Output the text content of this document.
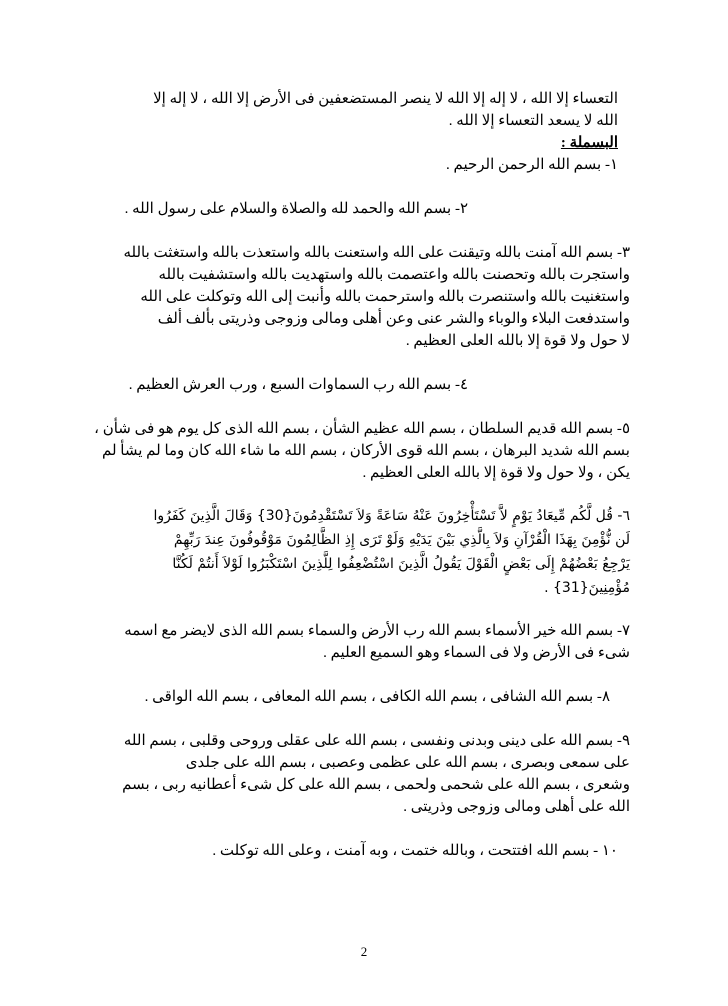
التعساء إلا الله ، لا إله إلا الله لا ينصر المستضعفين فى الأرض إلا الله ، لا إله إلا
الله لا يسعد التعساء إلا الله .

البسملة :

١- بسم الله الرحمن الرحيم .

٢- بسم الله والحمد لله والصلاة والسلام على رسول الله .

٣- بسم الله آمنت بالله وتيقنت على الله واستعنت بالله واستعذت بالله واستغثت بالله
واستجرت بالله وتحصنت بالله واعتصمت بالله واستهديت بالله واستشفيت بالله
واستغنيت بالله واستنصرت بالله واسترحمت بالله وأنبت إلى الله وتوكلت على الله
واستدفعت البلاء والوباء والشر عنى وعن أهلى ومالى وزوجى وذريتى بألف ألف
لا حول ولا قوة إلا بالله العلى العظيم .

٤- بسم الله رب السماوات السبع ، ورب العرش العظيم .

٥- بسم الله قديم السلطان ، بسم الله عظيم الشأن ، بسم الله الذى كل يوم هو فى شأن ،
بسم الله شديد البرهان ، بسم الله قوى الأركان ، بسم الله ما شاء الله كان وما لم يشأ لم
يكن ، ولا حول ولا قوة إلا بالله العلى العظيم .

٦- قُل لَّكُم مِّيعَادُ يَوْمٍ لاَّ تَسْتَأْخِرُونَ عَنْهُ سَاعَةً وَلاَ تَسْتَقْدِمُونَ{30} وَقَالَ الَّذِينَ كَفَرُوا
لَن نُّؤْمِنَ بِهَذَا الْقُرْآنِ وَلاَ بِالَّذِي بَيْنَ يَدَيْهِ وَلَوْ تَرَى إِذِ الظَّالِمُونَ مَوْقُوفُونَ عِندَ رَبِّهِمْ
يَرْجِعُ بَعْضُهُمْ إِلَى بَعْضٍ الْقَوْلَ يَقُولُ الَّذِينَ اسْتُضْعِفُوا لِلَّذِينَ اسْتَكْبَرُوا لَوْلاَ أَنتُمْ لَكُنَّا
مُؤْمِنِينَ{31} .

٧- بسم الله خير الأسماء بسم الله رب الأرض والسماء بسم الله الذى لايضر مع اسمه
شىء فى الأرض ولا فى السماء وهو السميع العليم .

٨- بسم الله الشافى ، بسم الله الكافى ، بسم الله المعافى ، بسم الله الواقى .

٩- بسم الله على دينى وبدنى ونفسى ، بسم الله على عقلى وروحى وقلبى ، بسم الله
على سمعى وبصرى ، بسم الله على عظمى وعصبى ، بسم الله على جلدى
وشعرى ، بسم الله على شحمى ولحمى ، بسم الله على كل شىء أعطانيه ربى ، بسم
الله على أهلى ومالى وزوجى وذريتى .

١٠ - بسم الله افتتحت ، وبالله ختمت ، وبه آمنت ، وعلى الله توكلت .

2
